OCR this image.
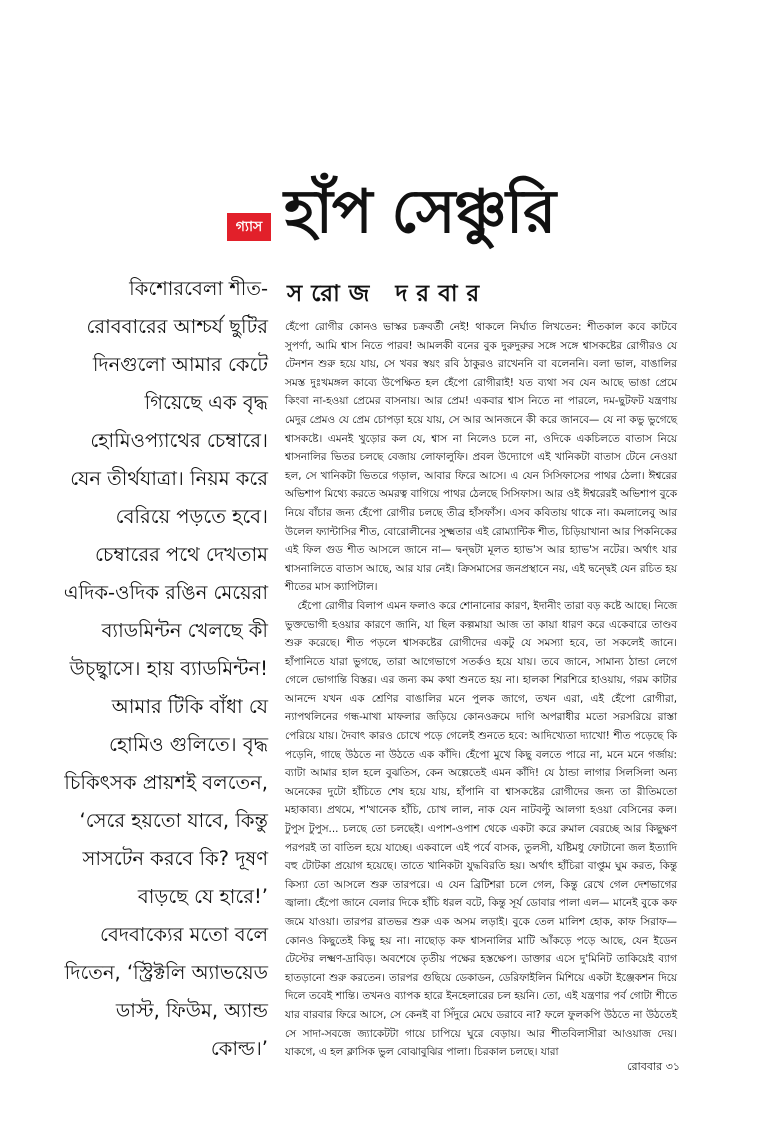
গ্যাস হাঁপ সেঞ্চুরি
সরোজ দরবার
কিশোরবেলা শীত-রোববারের আশ্চর্য ছুটির দিনগুলো আমার কেটে গিয়েছে এক বৃদ্ধ হোমিওপ্যাথের চেম্বারে। যেন তীর্থযাত্রা। নিয়ম করে বেরিয়ে পড়তে হবে। চেম্বারের পথে দেখতাম এদিক-ওদিক রঙিন মেয়েরা ব্যাডমিন্টন খেলছে কী উচ্ছ্বাসে। হায় ব্যাডমিন্টন! আমার টিকি বাঁধা যে হোমিও গুলিতে। বৃদ্ধ চিকিৎসক প্রায়শই বলতেন, ‘সেরে হয়তো যাবে, কিন্তু সাসটেন করবে কি? দূষণ বাড়ছে যে হারে!’ বেদবাক্যের মতো বলে দিতেন, ‘স্ট্রিক্টলি অ্যাভয়েড ডাস্ট, ফিউম, অ্যান্ড কোল্ড।’

হেঁপো রোগীর কোনও ভাস্কর চক্রবর্তী নেই! থাকলে নির্ঘাত লিখতেন: শীতকাল কবে কাটবে সুপর্ণা, আমি শ্বাস নিতে পারব! আমলকী বনের বুক দুরুদুরুর সঙ্গে সঙ্গে শ্বাসকষ্টের রোগীরও যে টেনশন শুরু হয়ে যায়, সে খবর স্বয়ং রবি ঠাকুরও রাখেননি বা বলেননি। বলা ভাল, বাঙালির সমস্ত দুঃখমঙ্গল কাব্যে উপেক্ষিত হল হেঁপো রোগীরাই! যত ব্যথা সব যেন আছে ভাঙা প্রেমে কিংবা না-হওয়া প্রেমের বাসনায়। আর প্রেম! একবার শ্বাস নিতে না পারলে, দম-ছুটফট যন্ত্রণায় মেদুর প্রেমও যে প্রেম চোপড়া হয়ে যায়, সে আর আনজনে কী করে জানবে— যে না কভু ভুগেছে শ্বাসকষ্টে। এমনই খুড়োর কল যে, শ্বাস না নিলেও চলে না, ওদিকে একচিলতে বাতাস নিয়ে শ্বাসনালির ভিতর চলছে বেজায় লোফালুফি। প্রবল উদ্যোগে এই খানিকটা বাতাস টেনে নেওয়া হল, সে খানিকটা ভিতরে গড়াল, আবার ফিরে আসে। এ যেন সিসিফাসের পাথর ঠেলা। ঈশ্বরের অভিশাপ মিথ্যে করতে অমরত্ব বাগিয়ে পাথর ঠেলছে সিসিফাস। আর ওই ঈশ্বরেরই অভিশাপ বুকে নিয়ে বাঁচার জন্য হেঁপো রোগীর চলছে তীব্র হাঁসফাঁস। এসব কবিতায় থাকে না। কমলালেবু আর উলেল ফ্যান্টাসির শীত, বোরোলীনের সুক্ষ্মতার এই রোম্যান্টিক শীত, চিড়িয়াখানা আর পিকনিকের এই ফিল গুড শীত আসলে জানে না— দ্বন্দ্বটা মূলত হ্যাভ'স আর হ্যাভ'স নটের। অর্থাৎ যার শ্বাসনালিতে বাতাস আছে, আর যার নেই। ক্রিসমাসের জনপ্রস্থানে নয়, এই দ্বন্দ্বেই যেন রচিত হয় শীতের মাস ক্যাপিটাল।

হেঁপো রোগীর বিলাপ এমন ফলাও করে শোনানোর কারণ, ইদানীং তারা বড় কষ্টে আছে। নিজে ভুক্তভোগী হওয়ার কারণে জানি, যা ছিল কল্পমায়া আজ তা কায়া ধারণ করে একেবারে তাণ্ডব শুরু করেছে। শীত পড়লে শ্বাসকষ্টের রোগীদের একটু যে সমস্যা হবে, তা সকলেই জানে। হাঁপানিতে যারা ভুগছে, তারা আগেভাগে সতর্কও হয়ে যায়। তবে জানে, সামান্য ঠান্ডা লেগে গেলে ভোগান্তি বিস্তর। এর জন্য কম কথা শুনতে হয় না। হালকা শিরশিরে হাওয়ায়, গরম কাটার আনন্দে যখন এক শ্রেণির বাঙালির মনে পুলক জাগে, তখন এরা, এই হেঁপো রোগীরা, ন্যাপথলিনের গন্ধ-মাখা মাফলার জড়িয়ে কোনওক্রমে দাগি অপরাধীর মতো সরসরিয়ে রাস্তা পেরিয়ে যায়। দৈবাৎ কারও চোখে পড়ে গেলেই শুনতে হবে: আদিখ্যেতা দ্যাখো! শীত পড়েছে কি পড়েনি, গাছে উঠতে না উঠতে এক কাঁদি। হেঁপো মুখে কিছু বলতে পারে না, মনে মনে গর্জায়: ব্যাটা আমার হাল হলে বুঝতিস, কেন অল্পেতেই এমন কাঁদি! যে ঠান্ডা লাগার সিলসিলা অন্য অনেকের দুটো হাঁচিতে শেষ হয়ে যায়, হাঁপানি বা শ্বাসকষ্টের রোগীদের জন্য তা রীতিমতো মহাকাব্য। প্রথমে, শ'খানেক হাঁচি, চোখ লাল, নাক যেন নাটবল্টু আলগা হওয়া বেসিনের কল। টুপুস টুপুস... চলছে তো চলছেই। এপাশ-ওপাশ থেকে একটা করে রুমাল বেরচ্ছে আর কিছুক্ষণ পরপরই তা বাতিল হয়ে যাচ্ছে। একবালে এই পর্বে বাসক, তুলসী, যষ্টিমধু ফোটানো জল ইত্যাদি বহু টোটকা প্রয়োগ হয়েছে। তাতে খানিকটা যুদ্ধবিরতি হয়। অর্থাৎ হাঁচিরা বাপ্তুম ঘুম করত, কিন্তু কিস্যা তো আসলে শুরু তারপরে। এ যেন ব্রিটিশরা চলে গেল, কিন্তু রেখে গেল দেশভাগের জ্বালা। হেঁপো জানে বেলার দিকে হাঁচি ধরল বটে, কিন্তু সূর্য ডোবার পালা এল— মানেই বুকে কফ জমে যাওয়া। তারপর রাতভর শুরু এক অসম লড়াই। বুকে তেল মালিশ হোক, কাফ সিরাফ— কোনও কিছুতেই কিছু হয় না। নাছোড় কফ শ্বাসনালির মাটি আঁকড়ে পড়ে আছে, যেন ইডেন টেস্টের লক্ষ্মণ-দ্রাবিড়। অবশেষে তৃতীয় পক্ষের হস্তক্ষেপ। ডাক্তার এসে দু'মিনিট তাকিয়েই ব্যাগ হাতড়ানো শুরু করতেন। তারপর গুছিয়ে ডেকাডন, ডেরিফাইলিন মিশিয়ে একটা ইঞ্জেকশন দিয়ে দিলে তবেই শান্তি। তখনও ব্যাপক হারে ইনহেলারের চল হয়নি। তো, এই যন্ত্রণার পর্ব গোটা শীতে যার বারবার ফিরে আসে, সে কেনই বা সিঁদুরে মেঘে ডরাবে না? ফলে ফুলকপি উঠতে না উঠতেই সে সাদা-সবজে জ্যাকেটটা গায়ে চাপিয়ে ঘুরে বেড়ায়। আর শীতবিলাসীরা আওয়াজ দেয়। যাকগে, এ হল ক্লাসিক ভুল বোঝাবুঝির পালা। চিরকাল চলছে। যারা

রোববার ৩১
